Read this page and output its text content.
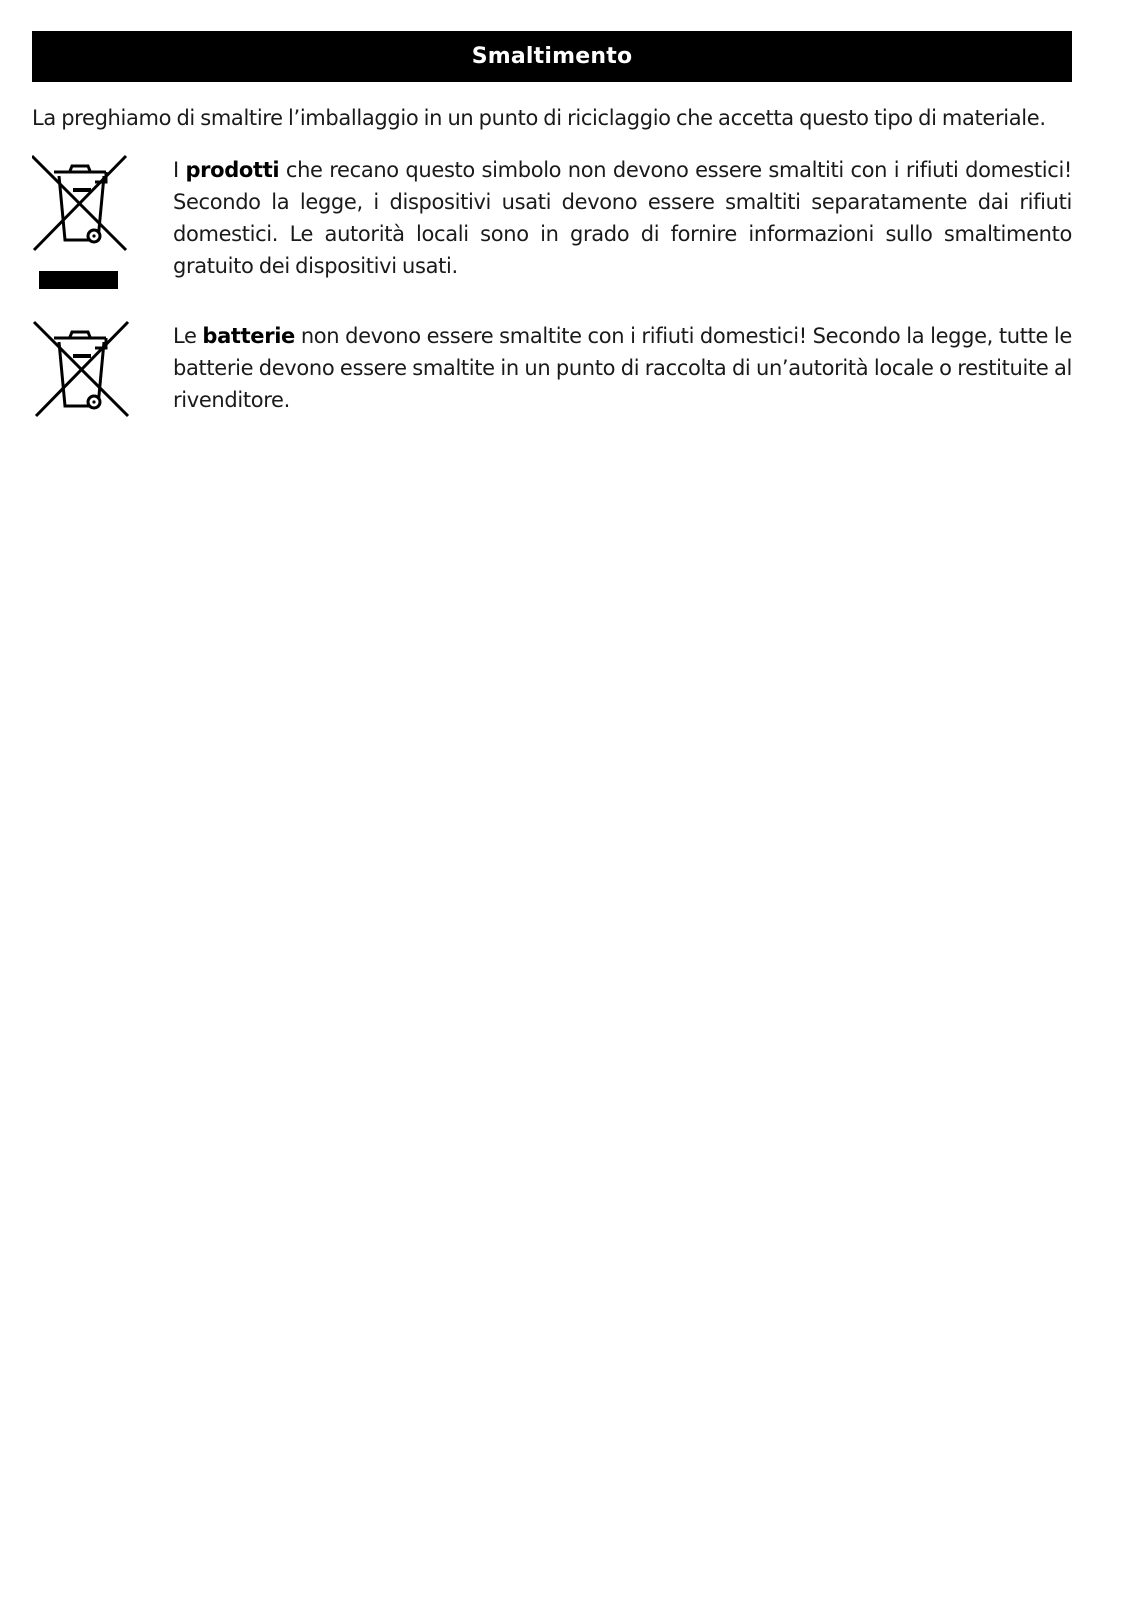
Smaltimento

La preghiamo di smaltire l’imballaggio in un punto di riciclaggio che accetta questo tipo di materiale.

I prodotti che recano questo simbolo non devono essere smaltiti con i rifiuti domestici! Secondo la legge, i dispositivi usati devono essere smaltiti separatamente dai rifiuti domestici. Le autorità locali sono in grado di fornire informazioni sullo smaltimento gratuito dei dispositivi usati.

Le batterie non devono essere smaltite con i rifiuti domestici! Secondo la legge, tutte le batterie devono essere smaltite in un punto di raccolta di un’autorità locale o restituite al rivenditore.
